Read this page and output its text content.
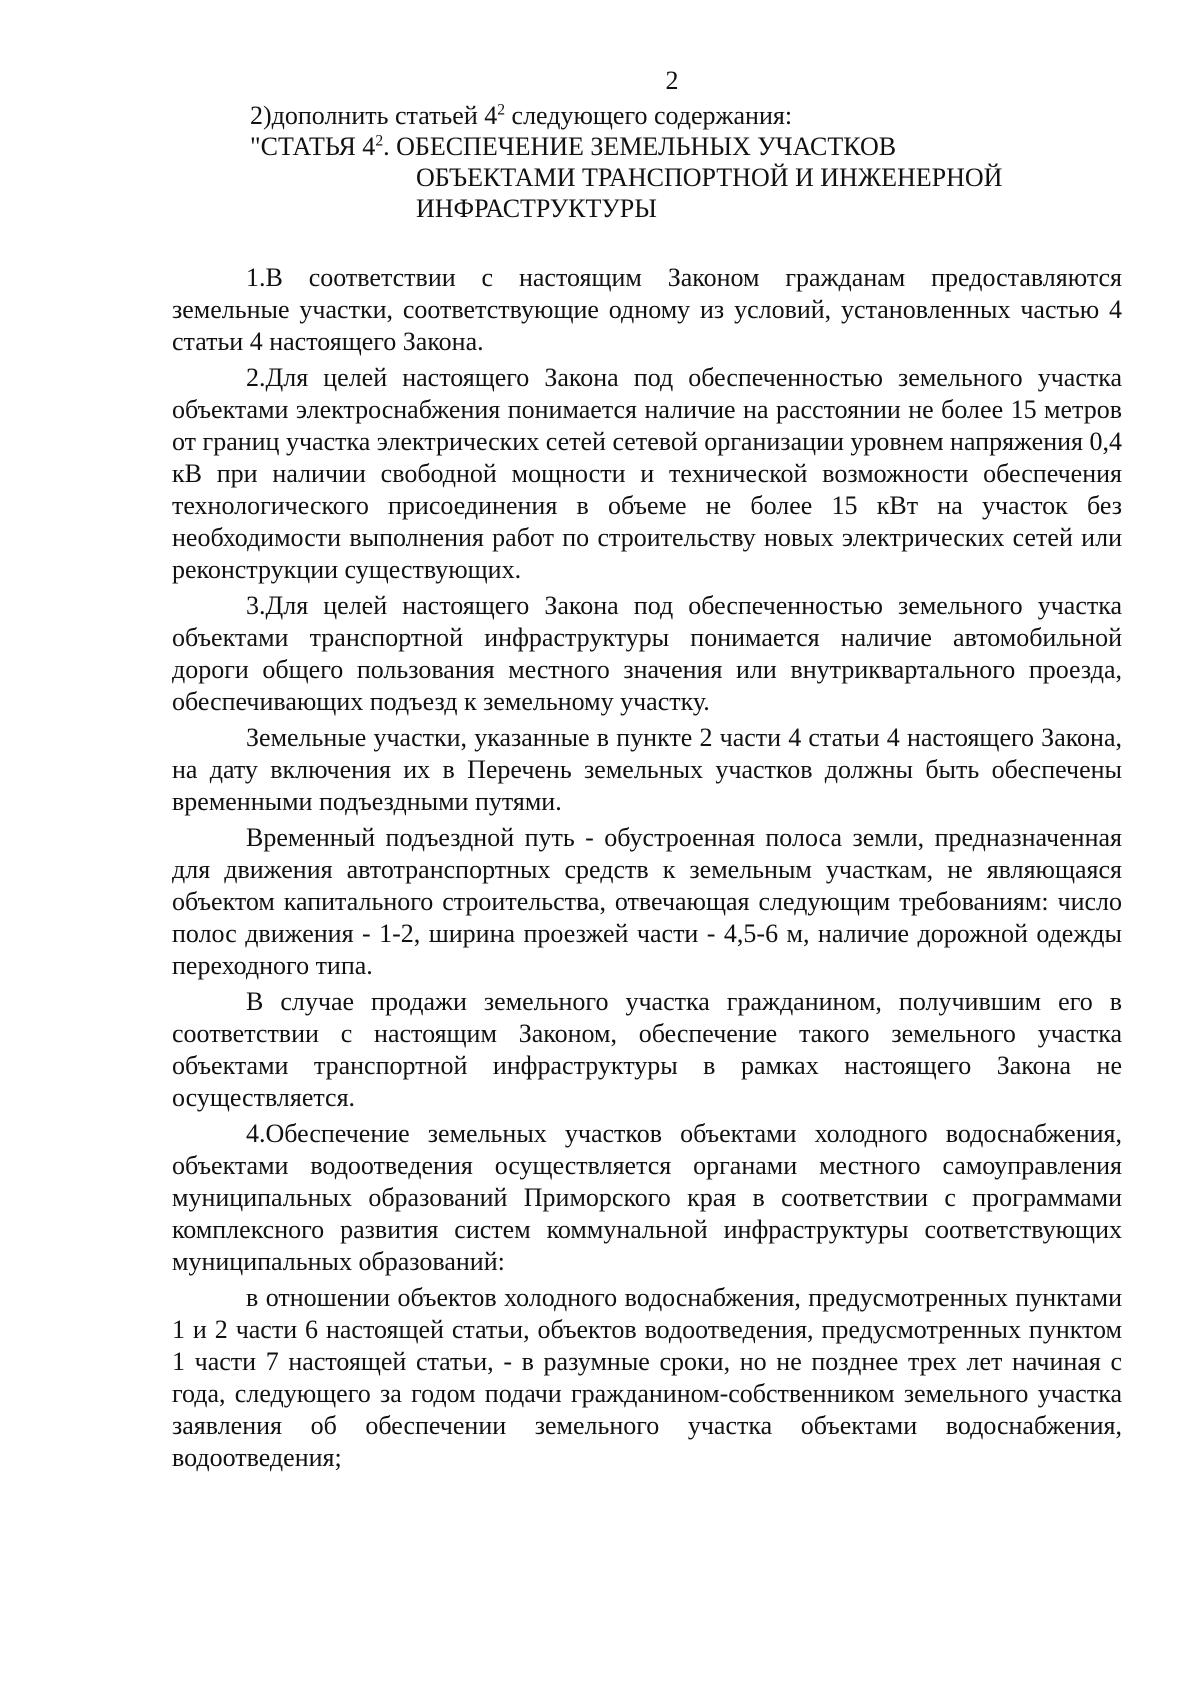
2
2)дополнить статьей $4^2$ следующего содержания:
"СТАТЬЯ $4^2$. ОБЕСПЕЧЕНИЕ ЗЕМЕЛЬНЫХ УЧАСТКОВ
ОБЪЕКТАМИ ТРАНСПОРТНОЙ И ИНЖЕНЕРНОЙ
ИНФРАСТРУКТУРЫ

1.В соответствии с настоящим Законом гражданам предоставляются земельные участки, соответствующие одному из условий, установленных частью 4 статьи 4 настоящего Закона.

2.Для целей настоящего Закона под обеспеченностью земельного участка объектами электроснабжения понимается наличие на расстоянии не более 15 метров от границ участка электрических сетей сетевой организации уровнем напряжения 0,4 кВ при наличии свободной мощности и технической возможности обеспечения технологического присоединения в объеме не более 15 кВт на участок без необходимости выполнения работ по строительству новых электрических сетей или реконструкции существующих.

3.Для целей настоящего Закона под обеспеченностью земельного участка объектами транспортной инфраструктуры понимается наличие автомобильной дороги общего пользования местного значения или внутриквартального проезда, обеспечивающих подъезд к земельному участку.

Земельные участки, указанные в пункте 2 части 4 статьи 4 настоящего Закона, на дату включения их в Перечень земельных участков должны быть обеспечены временными подъездными путями.

Временный подъездной путь - обустроенная полоса земли, предназначенная для движения автотранспортных средств к земельным участкам, не являющаяся объектом капитального строительства, отвечающая следующим требованиям: число полос движения - 1-2, ширина проезжей части - 4,5-6 м, наличие дорожной одежды переходного типа.

В случае продажи земельного участка гражданином, получившим его в соответствии с настоящим Законом, обеспечение такого земельного участка объектами транспортной инфраструктуры в рамках настоящего Закона не осуществляется.

4.Обеспечение земельных участков объектами холодного водоснабжения, объектами водоотведения осуществляется органами местного самоуправления муниципальных образований Приморского края в соответствии с программами комплексного развития систем коммунальной инфраструктуры соответствующих муниципальных образований:

в отношении объектов холодного водоснабжения, предусмотренных пунктами 1 и 2 части 6 настоящей статьи, объектов водоотведения, предусмотренных пунктом 1 части 7 настоящей статьи, - в разумные сроки, но не позднее трех лет начиная с года, следующего за годом подачи гражданином-собственником земельного участка заявления об обеспечении земельного участка объектами водоснабжения, водоотведения;
